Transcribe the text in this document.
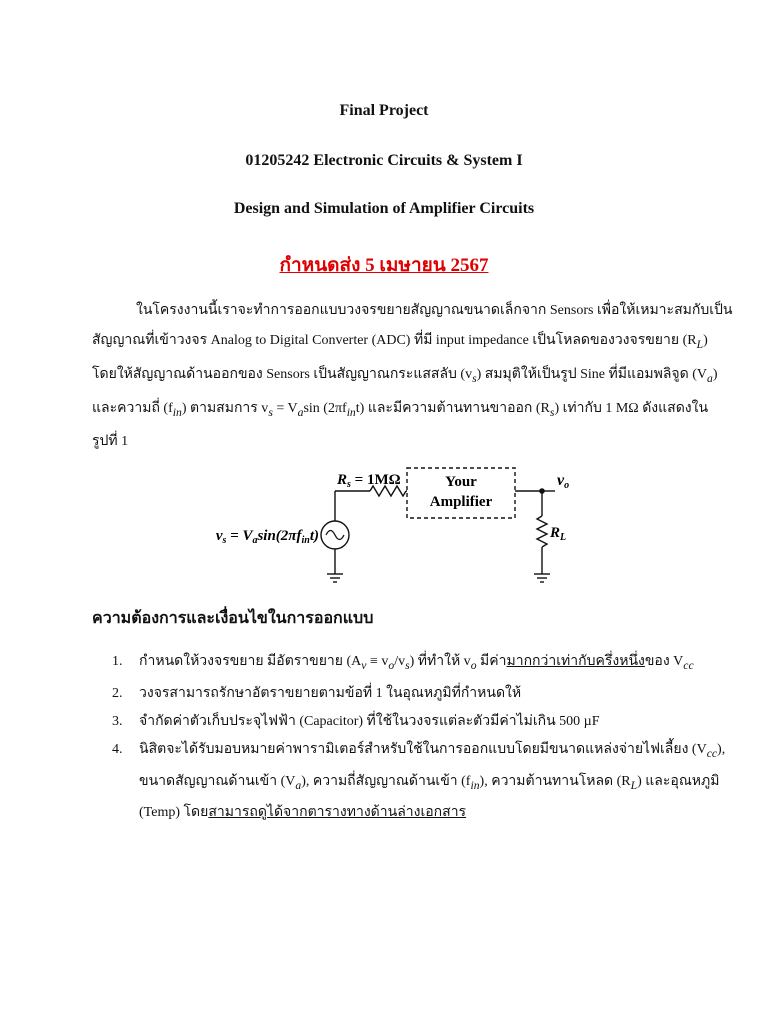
Final Project
01205242 Electronic Circuits & System I
Design and Simulation of Amplifier Circuits
กำหนดส่ง 5 เมษายน 2567
ในโครงงานนี้เราจะทำการออกแบบวงจรขยายสัญญาณขนาดเล็กจาก Sensors เพื่อให้เหมาะสมกับเป็น
สัญญาณที่เข้าวงจร Analog to Digital Converter (ADC) ที่มี input impedance เป็นโหลดของวงจรขยาย $(R_L)$
โดยให้สัญญาณด้านออกของ Sensors เป็นสัญญาณกระแสสลับ $(v_s)$ สมมุติให้เป็นรูป Sine ที่มีแอมพลิจูด $(V_a)$
และความถี่ $(f_{in})$ ตามสมการ $v_s = V_a\sin$ $(2\pi f_{in}t)$ และมีความต้านทานขาออก $(R_s)$ เท่ากับ 1 MΩ ดังแสดงใน
รูปที่ 1
$R_s = 1M\Omega$	Your
Amplifier
vo
$R_L$
$v_s = V_a\sin(2\pi f_{in}t)$
ความต้องการและเงื่อนไขในการออกแบบ
1. กำหนดให้วงจรขยาย มีอัตราขยาย $(A_v \equiv v_o/v_s)$ ที่ทำให้ $v_o$ มีค่ามากกว่าเท่ากับครึ่งหนึ่งของ $V_{cc}$
2. วงจรสามารถรักษาอัตราขยายตามข้อที่ 1 ในอุณหภูมิที่กำหนดให้
3. จำกัดค่าตัวเก็บประจุไฟฟ้า (Capacitor) ที่ใช้ในวงจรแต่ละตัวมีค่าไม่เกิน 500 µF
4. นิสิตจะได้รับมอบหมายค่าพารามิเตอร์สำหรับใช้ในการออกแบบโดยมีขนาดแหล่งจ่ายไฟเลี้ยง $(V_{cc})$,
ขนาดสัญญาณด้านเข้า $(V_a)$, ความถี่สัญญาณด้านเข้า $(f_{in})$, ความต้านทานโหลด $(R_L)$ และอุณหภูมิ
(Temp) โดยสามารถดูได้จากตารางทางด้านล่างเอกสาร
